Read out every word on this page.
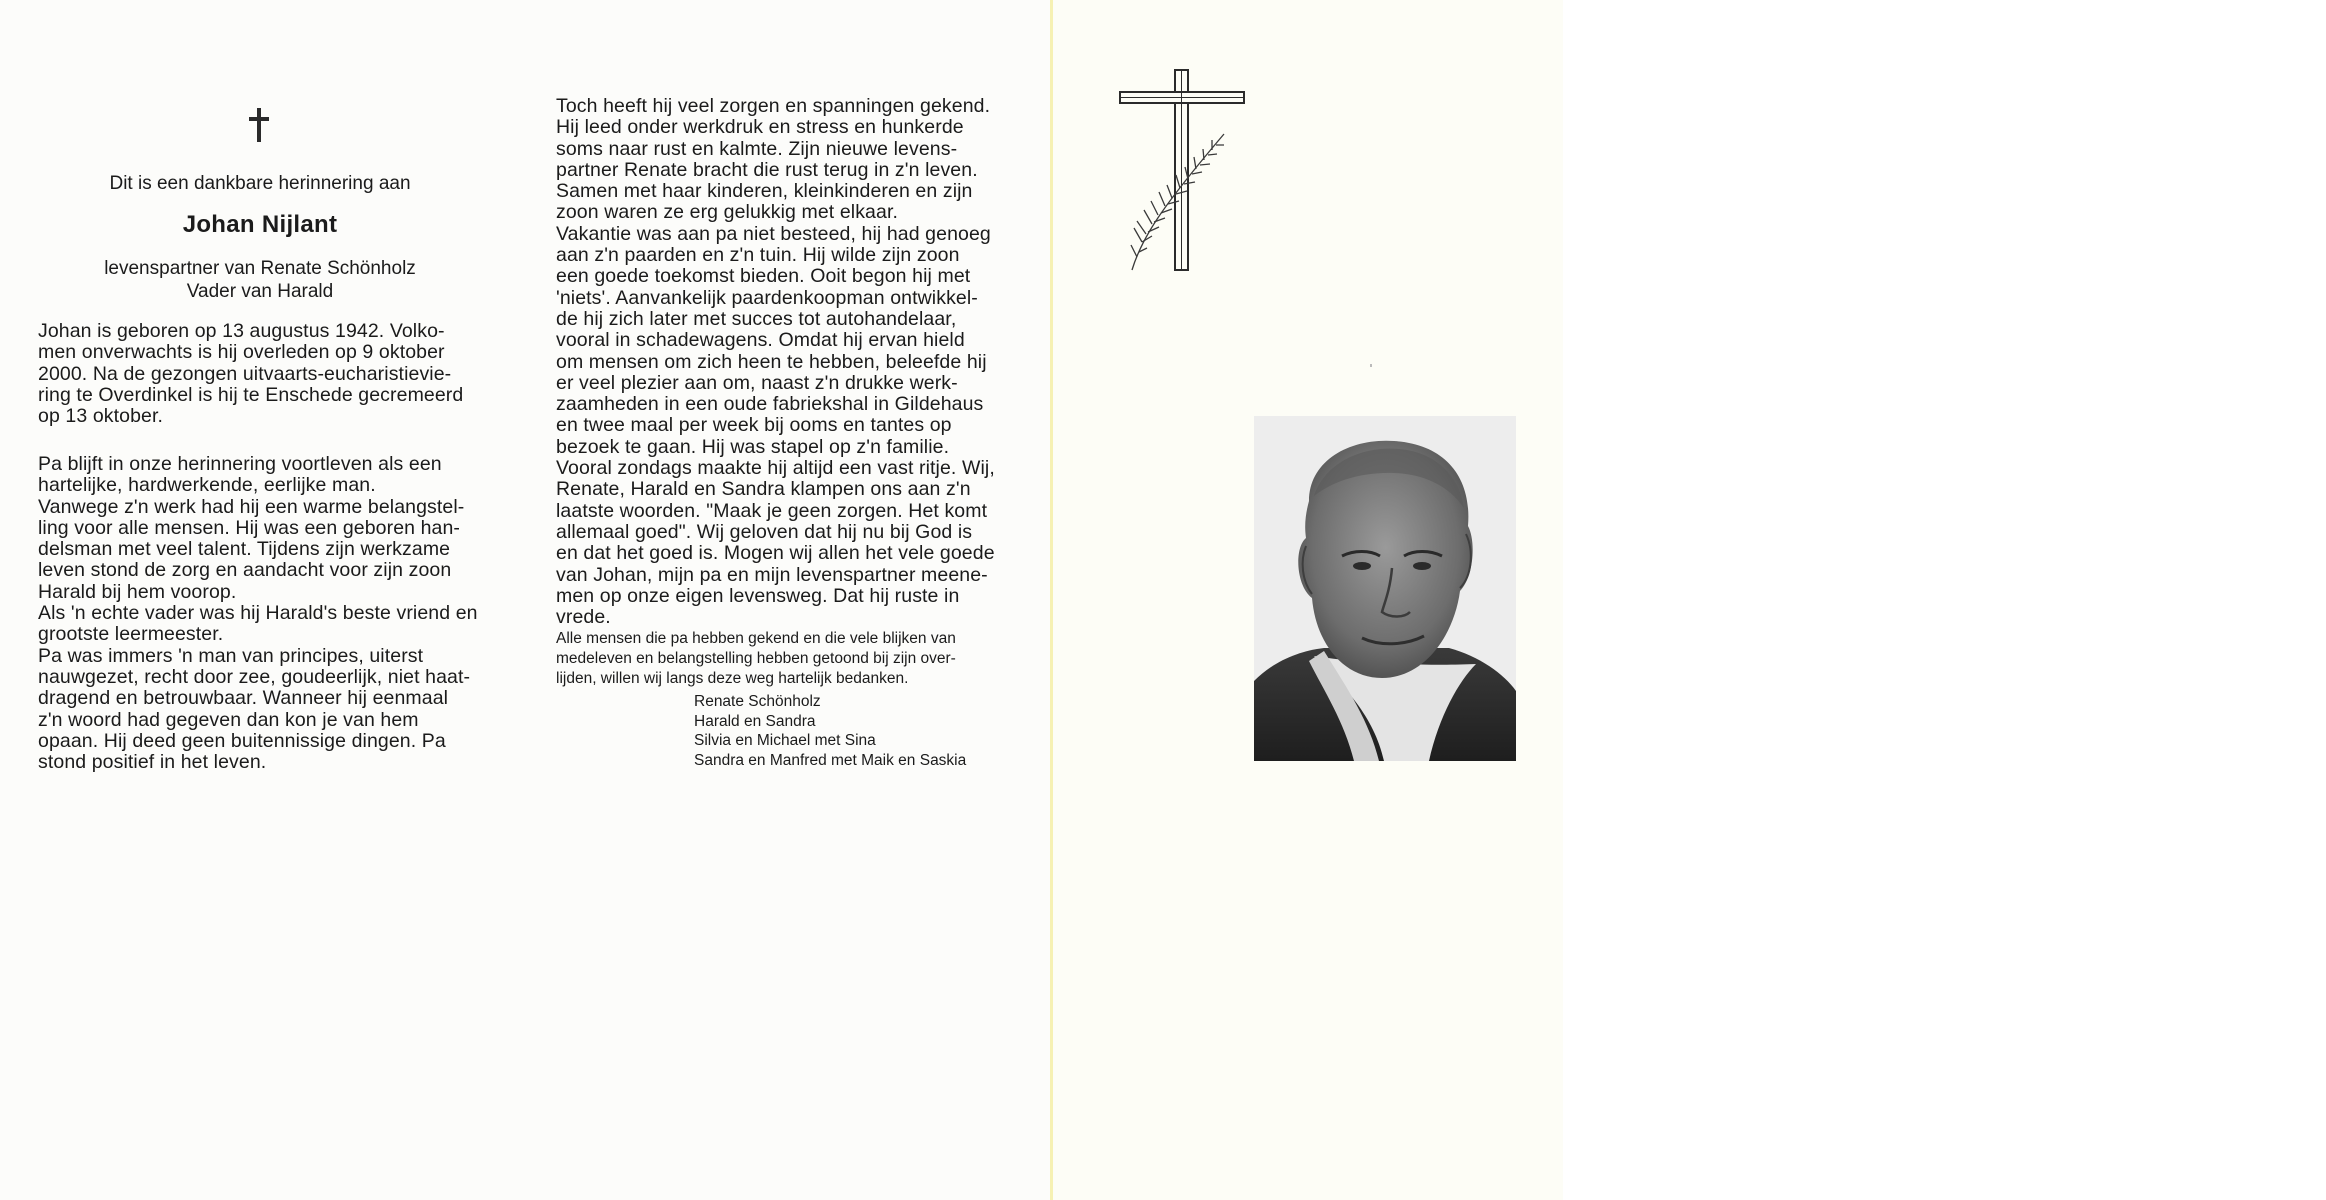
Dit is een dankbare herinnering aan
Johan Nijlant
levenspartner van Renate Schönholz
Vader van Harald
Johan is geboren op 13 augustus 1942. Volko-
men onverwachts is hij overleden op 9 oktober
2000. Na de gezongen uitvaarts-eucharistievie-
ring te Overdinkel is hij te Enschede gecremeerd
op 13 oktober.
Pa blijft in onze herinnering voortleven als een
hartelijke, hardwerkende, eerlijke man.
Vanwege z'n werk had hij een warme belangstel-
ling voor alle mensen. Hij was een geboren han-
delsman met veel talent. Tijdens zijn werkzame
leven stond de zorg en aandacht voor zijn zoon
Harald bij hem voorop.
Als 'n echte vader was hij Harald's beste vriend en
grootste leermeester.
Pa was immers 'n man van principes, uiterst
nauwgezet, recht door zee, goudeerlijk, niet haat-
dragend en betrouwbaar. Wanneer hij eenmaal
z'n woord had gegeven dan kon je van hem
opaan. Hij deed geen buitennissige dingen. Pa
stond positief in het leven.
Toch heeft hij veel zorgen en spanningen gekend.
Hij leed onder werkdruk en stress en hunkerde
soms naar rust en kalmte. Zijn nieuwe levens-
partner Renate bracht die rust terug in z'n leven.
Samen met haar kinderen, kleinkinderen en zijn
zoon waren ze erg gelukkig met elkaar.
Vakantie was aan pa niet besteed, hij had genoeg
aan z'n paarden en z'n tuin. Hij wilde zijn zoon
een goede toekomst bieden. Ooit begon hij met
'niets'. Aanvankelijk paardenkoopman ontwikkel-
de hij zich later met succes tot autohandelaar,
vooral in schadewagens. Omdat hij ervan hield
om mensen om zich heen te hebben, beleefde hij
er veel plezier aan om, naast z'n drukke werk-
zaamheden in een oude fabriekshal in Gildehaus
en twee maal per week bij ooms en tantes op
bezoek te gaan. Hij was stapel op z'n familie.
Vooral zondags maakte hij altijd een vast ritje. Wij,
Renate, Harald en Sandra klampen ons aan z'n
laatste woorden. "Maak je geen zorgen. Het komt
allemaal goed". Wij geloven dat hij nu bij God is
en dat het goed is. Mogen wij allen het vele goede
van Johan, mijn pa en mijn levenspartner meene-
men op onze eigen levensweg. Dat hij ruste in
vrede.
Alle mensen die pa hebben gekend en die vele blijken van
medeleven en belangstelling hebben getoond bij zijn over-
lijden, willen wij langs deze weg hartelijk bedanken.
Renate Schönholz
Harald en Sandra
Silvia en Michael met Sina
Sandra en Manfred met Maik en Saskia
